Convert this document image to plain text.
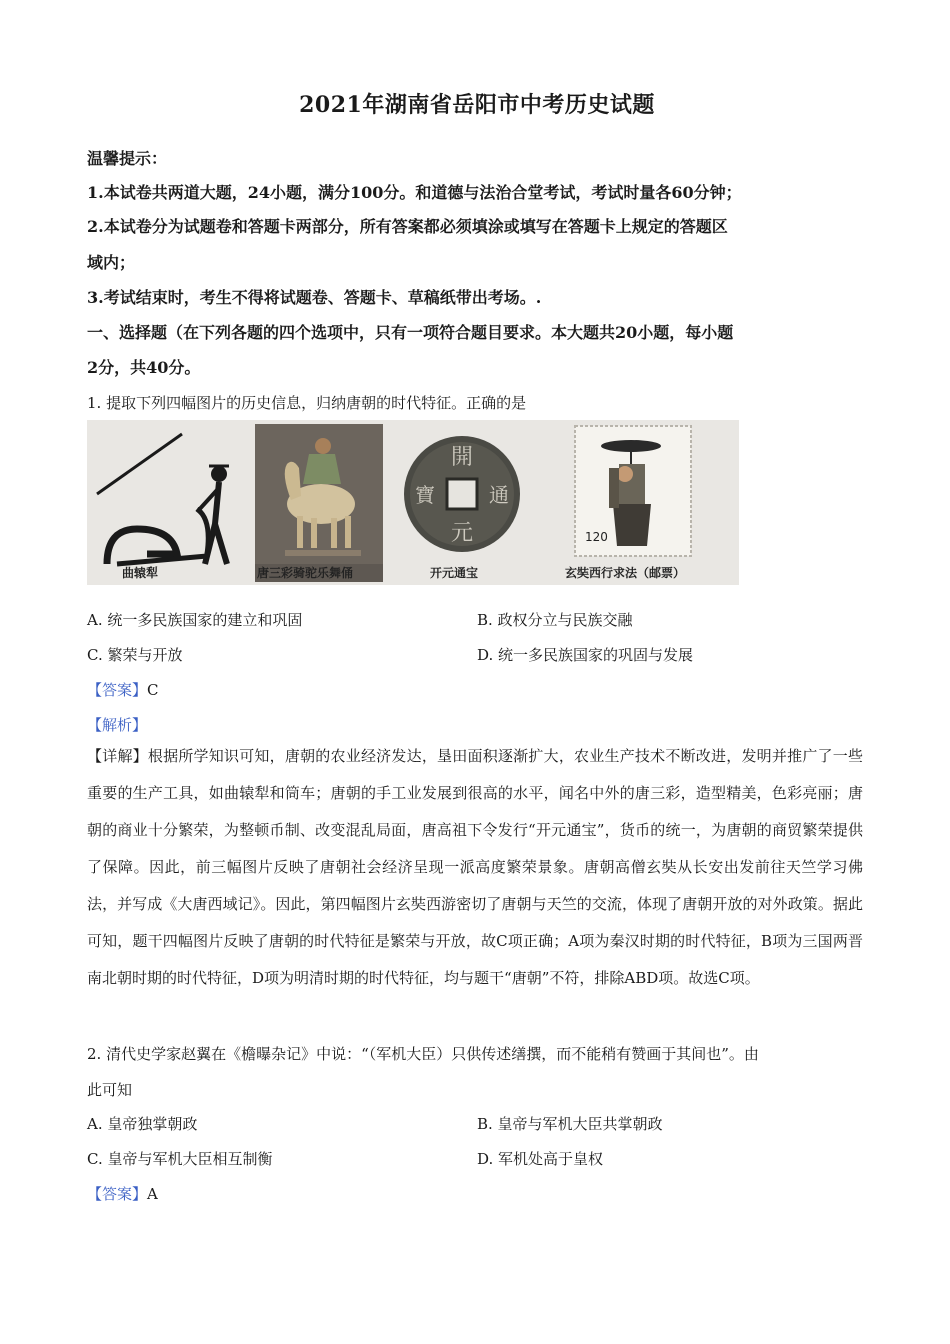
2021年湖南省岳阳市中考历史试题
温馨提示：
1.本试卷共两道大题，24小题，满分100分。和道德与法治合堂考试，考试时量各60分钟；
2.本试卷分为试题卷和答题卡两部分，所有答案都必须填涂或填写在答题卡上规定的答题区
域内；
3.考试结束时，考生不得将试题卷、答题卡、草稿纸带出考场。.
一、选择题（在下列各题的四个选项中，只有一项符合题目要求。本大题共20小题，每小题
2分，共40分。
1. 提取下列四幅图片的历史信息，归纳唐朝的时代特征。正确的是
曲辕犁	唐三彩骑驼乐舞俑
開
元
寶	通
开元通宝
120
玄奘西行求法（邮票）
A. 统一多民族国家的建立和巩固	B. 政权分立与民族交融
C. 繁荣与开放	D. 统一多民族国家的巩固与发展
【答案】C
【解析】
【详解】根据所学知识可知，唐朝的农业经济发达，垦田面积逐渐扩大，农业生产技术不断改进，发明并推广了一些重要的生产工具，如曲辕犁和筒车；唐朝的手工业发展到很高的水平，闻名中外的唐三彩，造型精美，色彩亮丽；唐朝的商业十分繁荣，为整顿币制、改变混乱局面，唐高祖下令发行“开元通宝”，货币的统一，为唐朝的商贸繁荣提供了保障。因此，前三幅图片反映了唐朝社会经济呈现一派高度繁荣景象。唐朝高僧玄奘从长安出发前往天竺学习佛法，并写成《大唐西域记》。因此，第四幅图片玄奘西游密切了唐朝与天竺的交流，体现了唐朝开放的对外政策。据此可知，题干四幅图片反映了唐朝的时代特征是繁荣与开放，故C项正确；A项为秦汉时期的时代特征，B项为三国两晋南北朝时期的时代特征，D项为明清时期的时代特征，均与题干“唐朝”不符，排除ABD项。故选C项。
2. 清代史学家赵翼在《檐曝杂记》中说：“（军机大臣）只供传述缮撰，而不能稍有赞画于其间也”。由
此可知
A. 皇帝独掌朝政	B. 皇帝与军机大臣共掌朝政
C. 皇帝与军机大臣相互制衡	D. 军机处高于皇权
【答案】A
